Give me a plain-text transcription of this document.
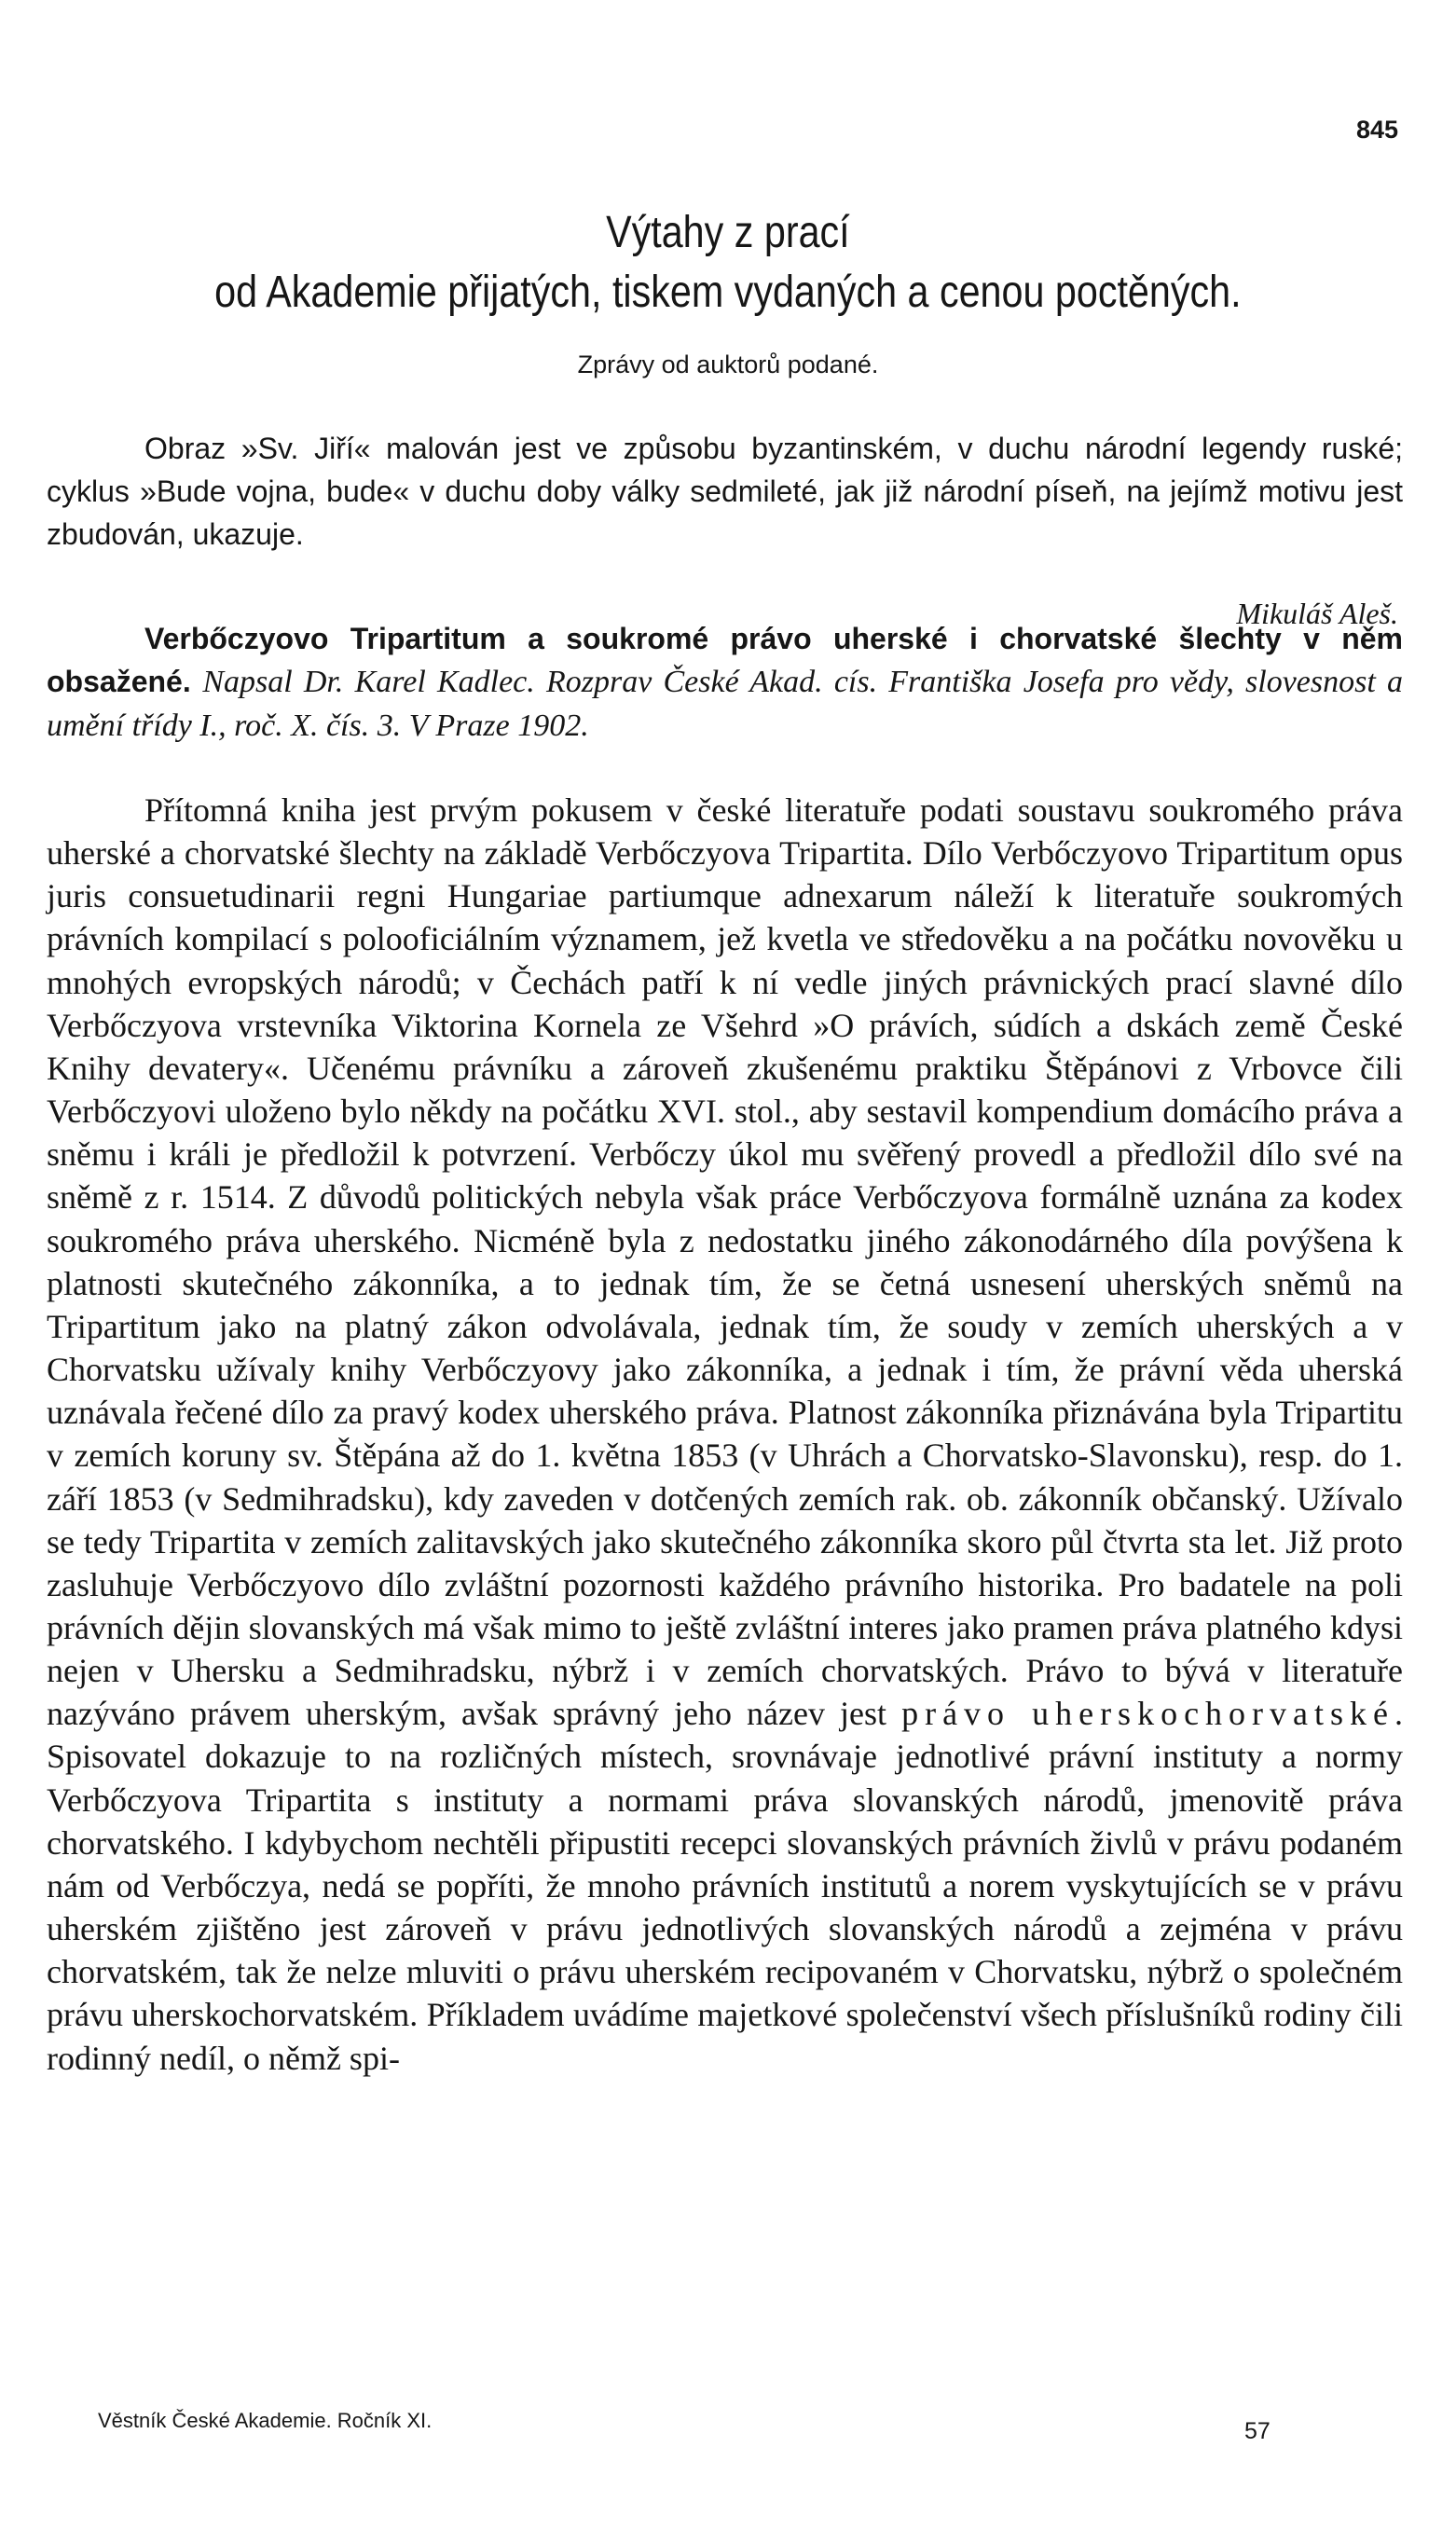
845
Výtahy z prací
od Akademie přijatých, tiskem vydaných a cenou poctěných.
Zprávy od auktorů podané.
Obraz »Sv. Jiří« malován jest ve způsobu byzantinském, v duchu národní legendy ruské; cyklus »Bude vojna, bude« v duchu doby války sedmileté, jak již národní píseň, na jejímž motivu jest zbudován, ukazuje.
Mikuláš Aleš.
Verbőczyovo Tripartitum a soukromé právo uherské i chorvatské šlechty v něm obsažené. Napsal Dr. Karel Kadlec. Rozprav České Akad. cís. Františka Josefa pro vědy, slovesnost a umění třídy I., roč. X. čís. 3. V Praze 1902.
Přítomná kniha jest prvým pokusem v české literatuře podati soustavu soukromého práva uherské a chorvatské šlechty na základě Verbőczyova Tripartita. Dílo Verbőczyovo Tripartitum opus juris consuetudinarii regni Hungariae partiumque adnexarum náleží k literatuře soukromých právních kompilací s polooficiálním významem, jež kvetla ve středověku a na počátku novověku u mnohých evropských národů; v Čechách patří k ní vedle jiných právnických prací slavné dílo Verbőczyova vrstevníka Viktorina Kornela ze Všehrd »O právích, súdích a dskách země České Knihy devatery«. Učenému právníku a zároveň zkušenému praktiku Štěpánovi z Vrbovce čili Verbőczyovi uloženo bylo někdy na počátku XVI. stol., aby sestavil kompendium domácího práva a sněmu i králi je předložil k potvrzení. Verbőczy úkol mu svěřený provedl a předložil dílo své na sněmě z r. 1514. Z důvodů politických nebyla však práce Verbőczyova formálně uznána za kodex soukromého práva uherského. Nicméně byla z nedostatku jiného zákonodárného díla povýšena k platnosti skutečného zákonníka, a to jednak tím, že se četná usnesení uherských sněmů na Tripartitum jako na platný zákon odvolávala, jednak tím, že soudy v zemích uherských a v Chorvatsku užívaly knihy Verbőczyovy jako zákonníka, a jednak i tím, že právní věda uherská uznávala řečené dílo za pravý kodex uherského práva. Platnost zákonníka přiznávána byla Tripartitu v zemích koruny sv. Štěpána až do 1. května 1853 (v Uhrách a Chorvatsko-Slavonsku), resp. do 1. září 1853 (v Sedmihradsku), kdy zaveden v dotčených zemích rak. ob. zákonník občanský. Užívalo se tedy Tripartita v zemích zalitavských jako skutečného zákonníka skoro půl čtvrta sta let. Již proto zasluhuje Verbőczyovo dílo zvláštní pozornosti každého právního historika. Pro badatele na poli právních dějin slovanských má však mimo to ještě zvláštní interes jako pramen práva platného kdysi nejen v Uhersku a Sedmihradsku, nýbrž i v zemích chorvatských. Právo to bývá v literatuře nazýváno právem uherským, avšak správný jeho název jest právo uherskochorvatské. Spisovatel dokazuje to na rozličných místech, srovnávaje jednotlivé právní instituty a normy Verbőczyova Tripartita s instituty a normami práva slovanských národů, jmenovitě práva chorvatského. I kdybychom nechtěli připustiti recepci slovanských právních živlů v právu podaném nám od Verbőczya, nedá se popříti, že mnoho právních institutů a norem vyskytujících se v právu uherském zjištěno jest zároveň v právu jednotlivých slovanských národů a zejména v právu chorvatském, tak že nelze mluviti o právu uherském recipovaném v Chorvatsku, nýbrž o společném právu uherskochorvatském. Příkladem uvádíme majetkové společenství všech příslušníků rodiny čili rodinný nedíl, o němž spi-
Věstník České Akademie. Ročník XI.	57
